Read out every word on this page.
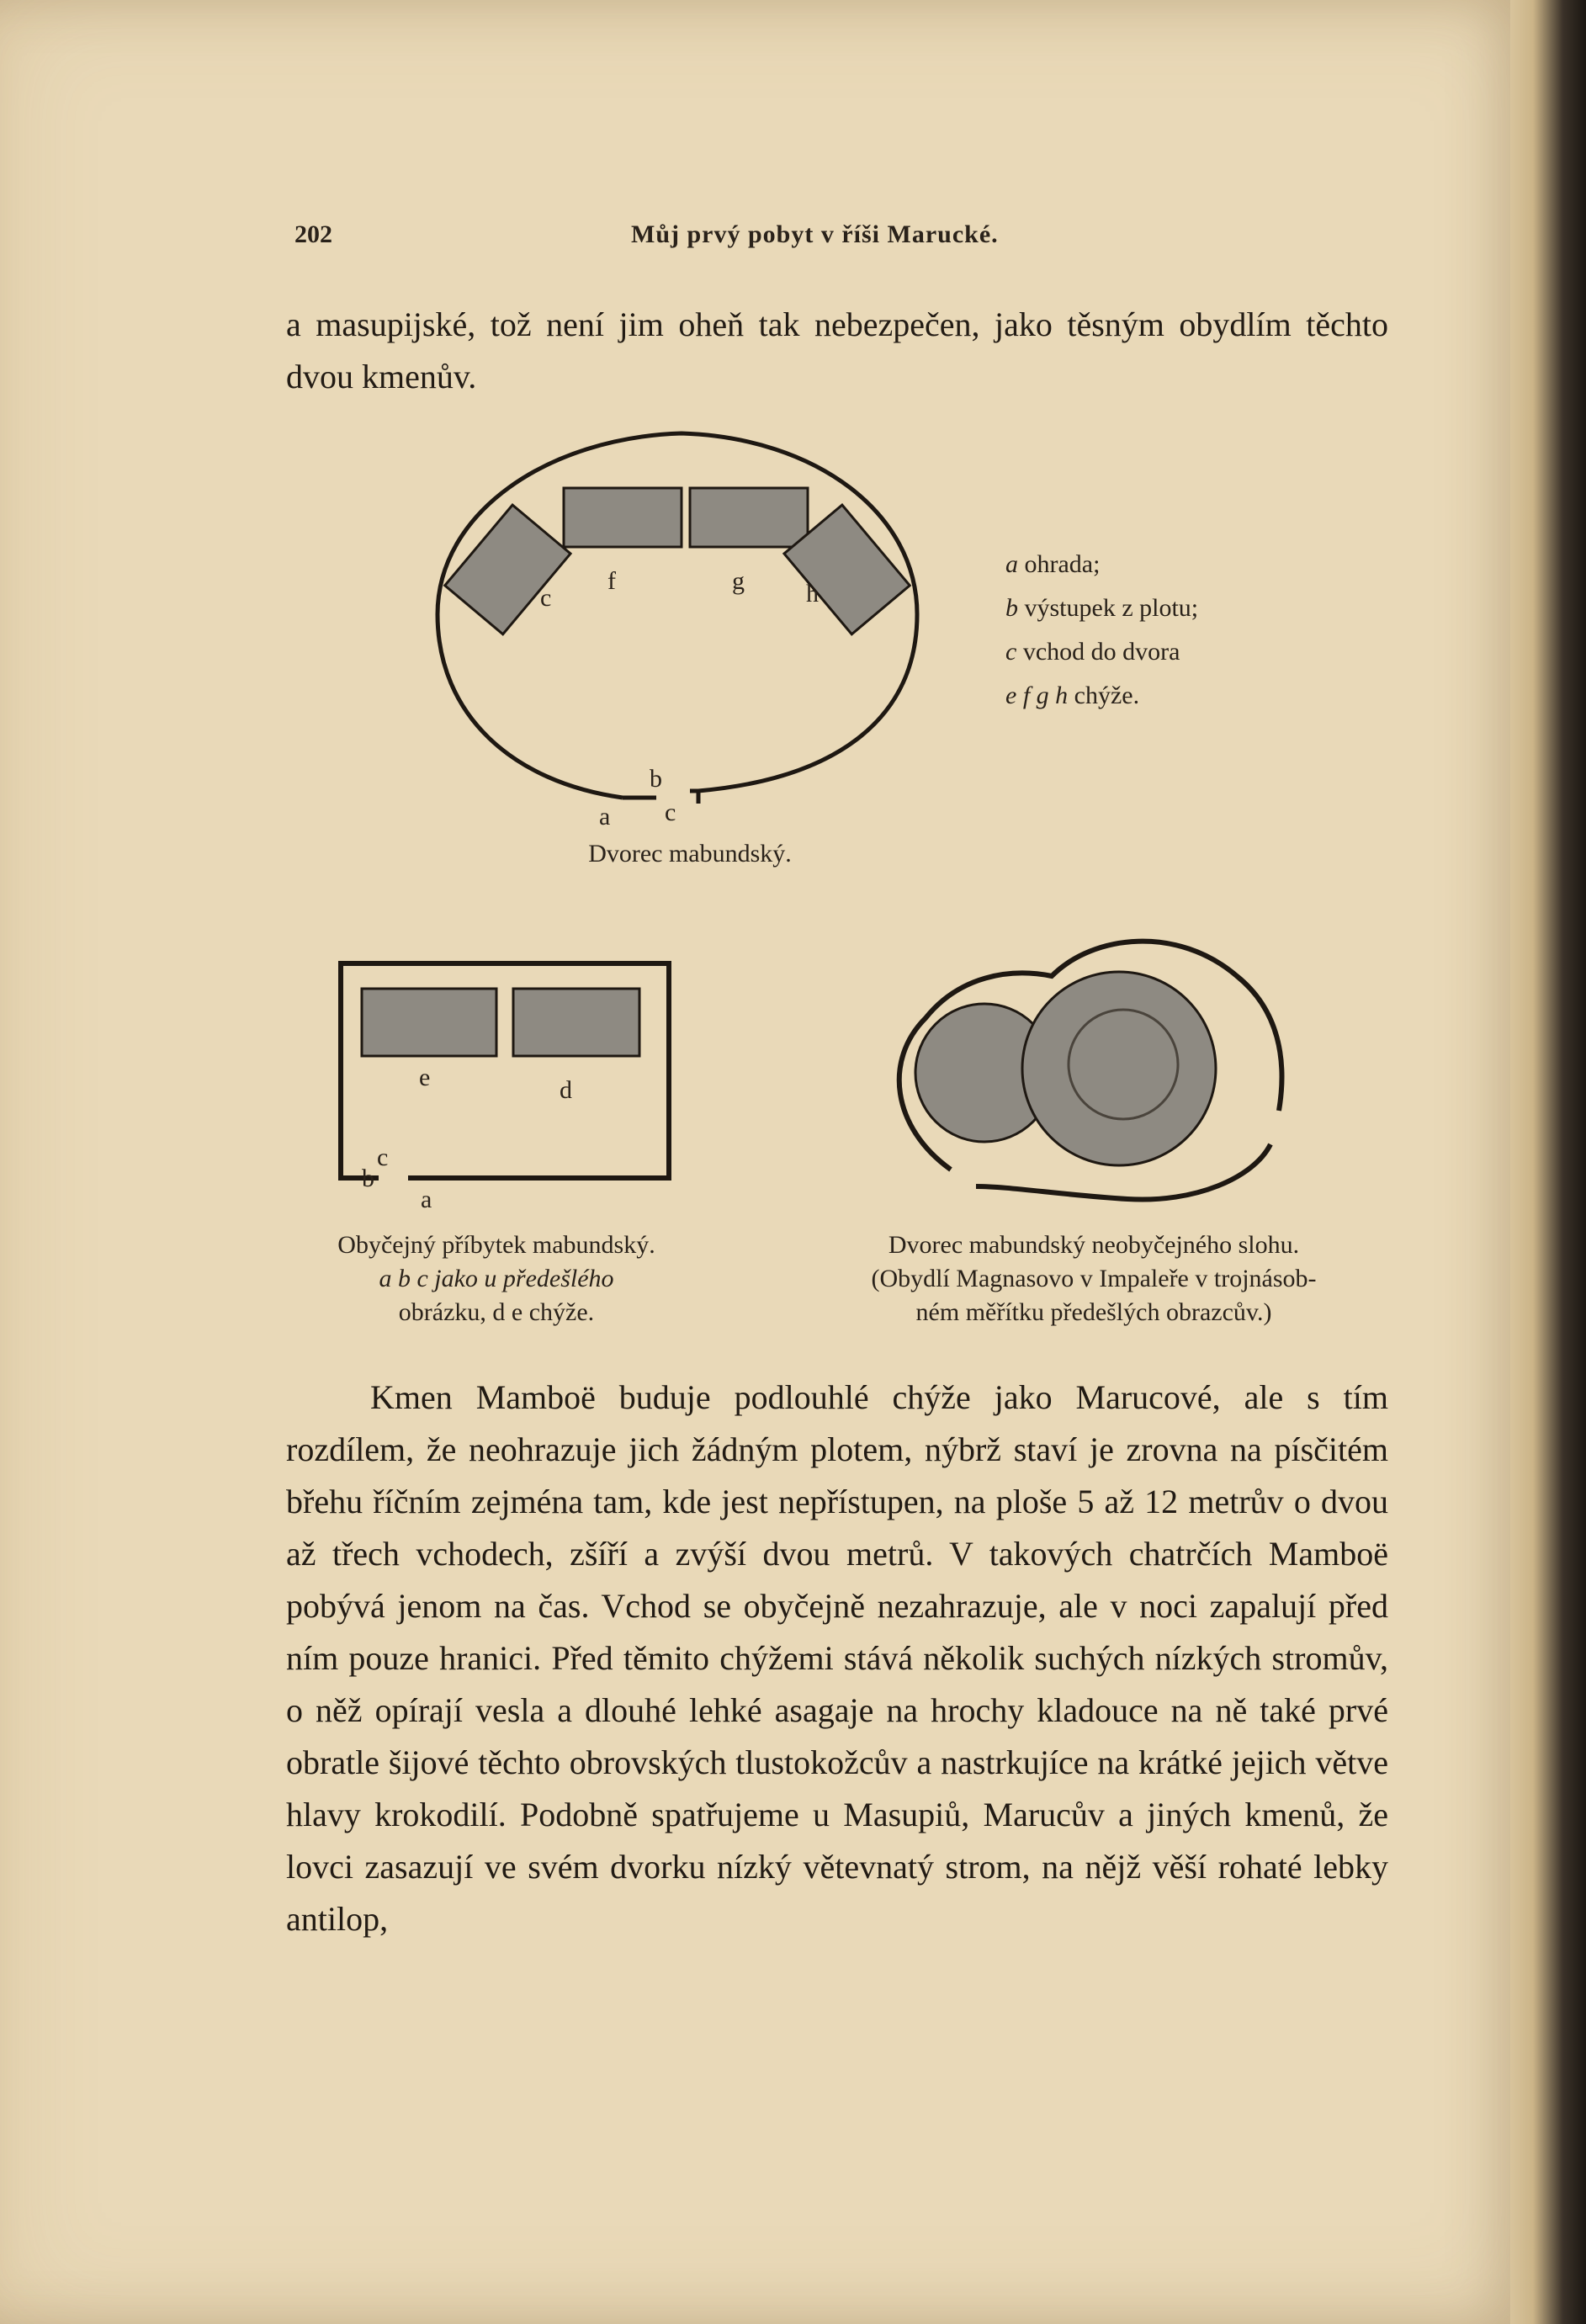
202	Můj prvý pobyt v říši Marucké.
a masupijské, tož není jim oheň tak nebezpečen, jako těsným obydlím těchto dvou kmenův.
f	g
c	h
b
a c
a ohrada;
b výstupek z plotu;
c vchod do dvora
e f g h chýže.
Dvorec mabundský.
e	d
b
c
a
Obyčejný příbytek mabundský.
a b c jako u předešlého
obrázku, d e chýže.
Dvorec mabundský neobyčejného slohu.
(Obydlí Magnasovo v Impaleře v trojnásob-
ném měřítku předešlých obrazcův.)
Kmen Mamboë buduje podlouhlé chýže jako Marucové, ale s tím rozdílem, že neohrazuje jich žádným plotem, nýbrž staví je zrovna na písčitém břehu říčním zejména tam, kde jest nepřístupen, na ploše 5 až 12 metrův o dvou až třech vchodech, zšíří a zvýší dvou metrů. V takových chatrčích Mamboë pobývá jenom na čas. Vchod se obyčejně nezahrazuje, ale v noci zapalují před ním pouze hranici. Před těmito chýžemi stává několik suchých nízkých stromův, o něž opírají vesla a dlouhé lehké asagaje na hrochy kladouce na ně také prvé obratle šijové těchto obrovských tlustokožcův a nastrkujíce na krátké jejich větve hlavy krokodilí. Podobně spatřujeme u Masupiů, Marucův a jiných kmenů, že lovci zasazují ve svém dvorku nízký větevnatý strom, na nějž věší rohaté lebky antilop,
